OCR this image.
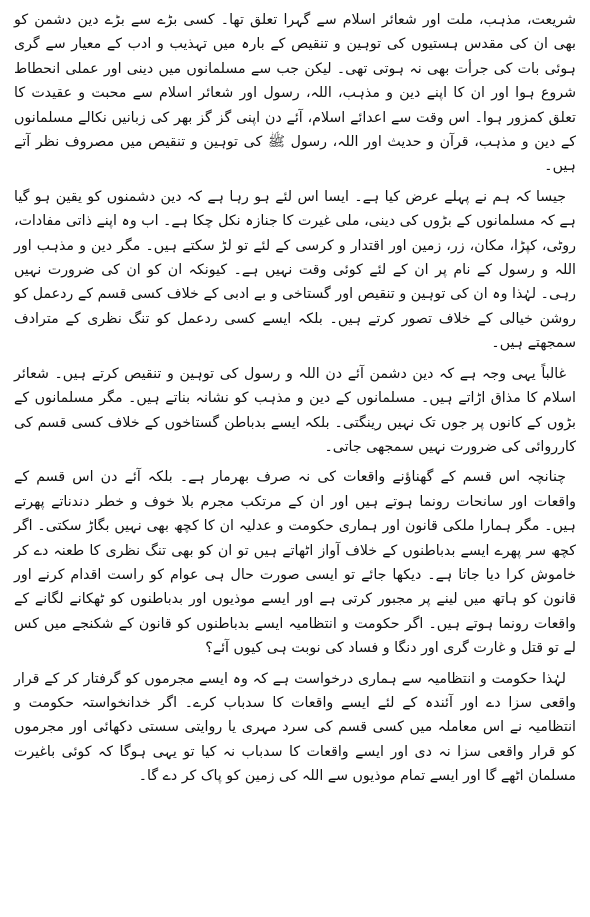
شریعت، مذہب، ملت اور شعائر اسلام سے گہرا تعلق تھا۔ کسی بڑے سے بڑے دین دشمن کو بھی ان کی مقدس ہستیوں کی توہین و تنقیص کے بارہ میں تہذیب و ادب کے معیار سے گری ہوئی بات کی جرأت بھی نہ ہوتی تھی۔ لیکن جب سے مسلمانوں میں دینی اور عملی انحطاط شروع ہوا اور ان کا اپنے دین و مذہب، اللہ، رسول اور شعائر اسلام سے محبت و عقیدت کا تعلق کمزور ہوا۔ اس وقت سے اعدائے اسلام، آئے دن اپنی گز گز بھر کی زبانیں نکالے مسلمانوں کے دین و مذہب، قرآن و حدیث اور اللہ، رسول ﷺ کی توہین و تنقیص میں مصروف نظر آتے ہیں۔

جیسا کہ ہم نے پہلے عرض کیا ہے۔ ایسا اس لئے ہو رہا ہے کہ دین دشمنوں کو یقین ہو گیا ہے کہ مسلمانوں کے بڑوں کی دینی، ملی غیرت کا جنازہ نکل چکا ہے۔ اب وہ اپنے ذاتی مفادات، روٹی، کپڑا، مکان، زر، زمین اور اقتدار و کرسی کے لئے تو لڑ سکتے ہیں۔ مگر دین و مذہب اور اللہ و رسول کے نام پر ان کے لئے کوئی وقت نہیں ہے۔ کیونکہ ان کو ان کی ضرورت نہیں رہی۔ لہٰذا وہ ان کی توہین و تنقیص اور گستاخی و بے ادبی کے خلاف کسی قسم کے ردعمل کو روشن خیالی کے خلاف تصور کرتے ہیں۔ بلکہ ایسے کسی ردعمل کو تنگ نظری کے مترادف سمجھتے ہیں۔

غالباً یہی وجہ ہے کہ دین دشمن آئے دن اللہ و رسول کی توہین و تنقیص کرتے ہیں۔ شعائر اسلام کا مذاق اڑاتے ہیں۔ مسلمانوں کے دین و مذہب کو نشانہ بناتے ہیں۔ مگر مسلمانوں کے بڑوں کے کانوں پر جوں تک نہیں رینگتی۔ بلکہ ایسے بدباطن گستاخوں کے خلاف کسی قسم کی کارروائی کی ضرورت نہیں سمجھی جاتی۔

چنانچہ اس قسم کے گھناؤنے واقعات کی نہ صرف بھرمار ہے۔ بلکہ آئے دن اس قسم کے واقعات اور سانحات رونما ہوتے ہیں اور ان کے مرتکب مجرم بلا خوف و خطر دندناتے پھرتے ہیں۔ مگر ہمارا ملکی قانون اور ہماری حکومت و عدلیہ ان کا کچھ بھی نہیں بگاڑ سکتی۔ اگر کچھ سر پھرے ایسے بدباطنوں کے خلاف آواز اٹھاتے ہیں تو ان کو بھی تنگ نظری کا طعنہ دے کر خاموش کرا دیا جاتا ہے۔ دیکھا جائے تو ایسی صورت حال ہی عوام کو راست اقدام کرنے اور قانون کو ہاتھ میں لینے پر مجبور کرتی ہے اور ایسے موذیوں اور بدباطنوں کو ٹھکانے لگانے کے واقعات رونما ہوتے ہیں۔ اگر حکومت و انتظامیہ ایسے بدباطنوں کو قانون کے شکنجے میں کس لے تو قتل و غارت گری اور دنگا و فساد کی نوبت ہی کیوں آئے؟

لہٰذا حکومت و انتظامیہ سے ہماری درخواست ہے کہ وہ ایسے مجرموں کو گرفتار کر کے قرار واقعی سزا دے اور آئندہ کے لئے ایسے واقعات کا سدباب کرے۔ اگر خدانخواستہ حکومت و انتظامیہ نے اس معاملہ میں کسی قسم کی سرد مہری یا روایتی سستی دکھائی اور مجرموں کو قرار واقعی سزا نہ دی اور ایسے واقعات کا سدباب نہ کیا تو یہی ہوگا کہ کوئی باغیرت مسلمان اٹھے گا اور ایسے تمام موذیوں سے اللہ کی زمین کو پاک کر دے گا۔
